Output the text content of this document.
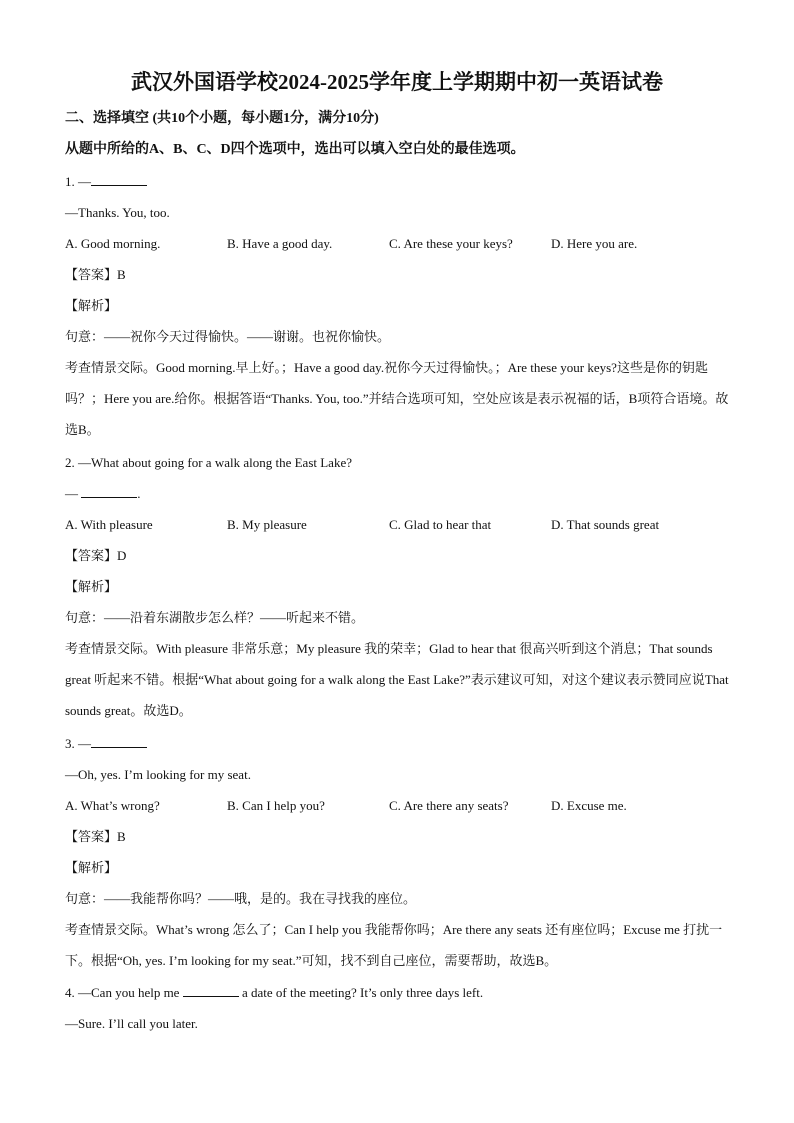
武汉外国语学校2024-2025学年度上学期期中初一英语试卷
二、选择填空 (共10个小题，每小题1分，满分10分)
从题中所给的A、B、C、D四个选项中，选出可以填入空白处的最佳选项。
1. —
—Thanks. You, too.
A. Good morning.	B. Have a good day.	C. Are these your keys?	D. Here you are.
【答案】B
【解析】
句意：——祝你今天过得愉快。——谢谢。也祝你愉快。
考查情景交际。Good morning.早上好。；Have a good day.祝你今天过得愉快。；Are these your keys?这些是你的钥匙吗？；Here you are.给你。根据答语“Thanks. You, too.”并结合选项可知，空处应该是表示祝福的话，B项符合语境。故选B。
2. —What about going for a walk along the East Lake?
—	.
A. With pleasure	B. My pleasure	C. Glad to hear that	D. That sounds great
【答案】D
【解析】
句意：——沿着东湖散步怎么样？——听起来不错。
考查情景交际。With pleasure 非常乐意；My pleasure 我的荣幸；Glad to hear that 很高兴听到这个消息；That sounds great 听起来不错。根据“What about going for a walk along the East Lake?”表示建议可知，对这个建议表示赞同应说That sounds great。故选D。
3. —
—Oh, yes. I’m looking for my seat.
A. What’s wrong?	B. Can I help you?	C. Are there any seats?	D. Excuse me.
【答案】B
【解析】
句意：——我能帮你吗？——哦，是的。我在寻找我的座位。
考查情景交际。What’s wrong 怎么了；Can I help you 我能帮你吗；Are there any seats 还有座位吗；Excuse me 打扰一下。根据“Oh, yes. I’m looking for my seat.”可知，找不到自己座位，需要帮助，故选B。
4. —Can you help me	a date of the meeting? It’s only three days left.
—Sure. I’ll call you later.
